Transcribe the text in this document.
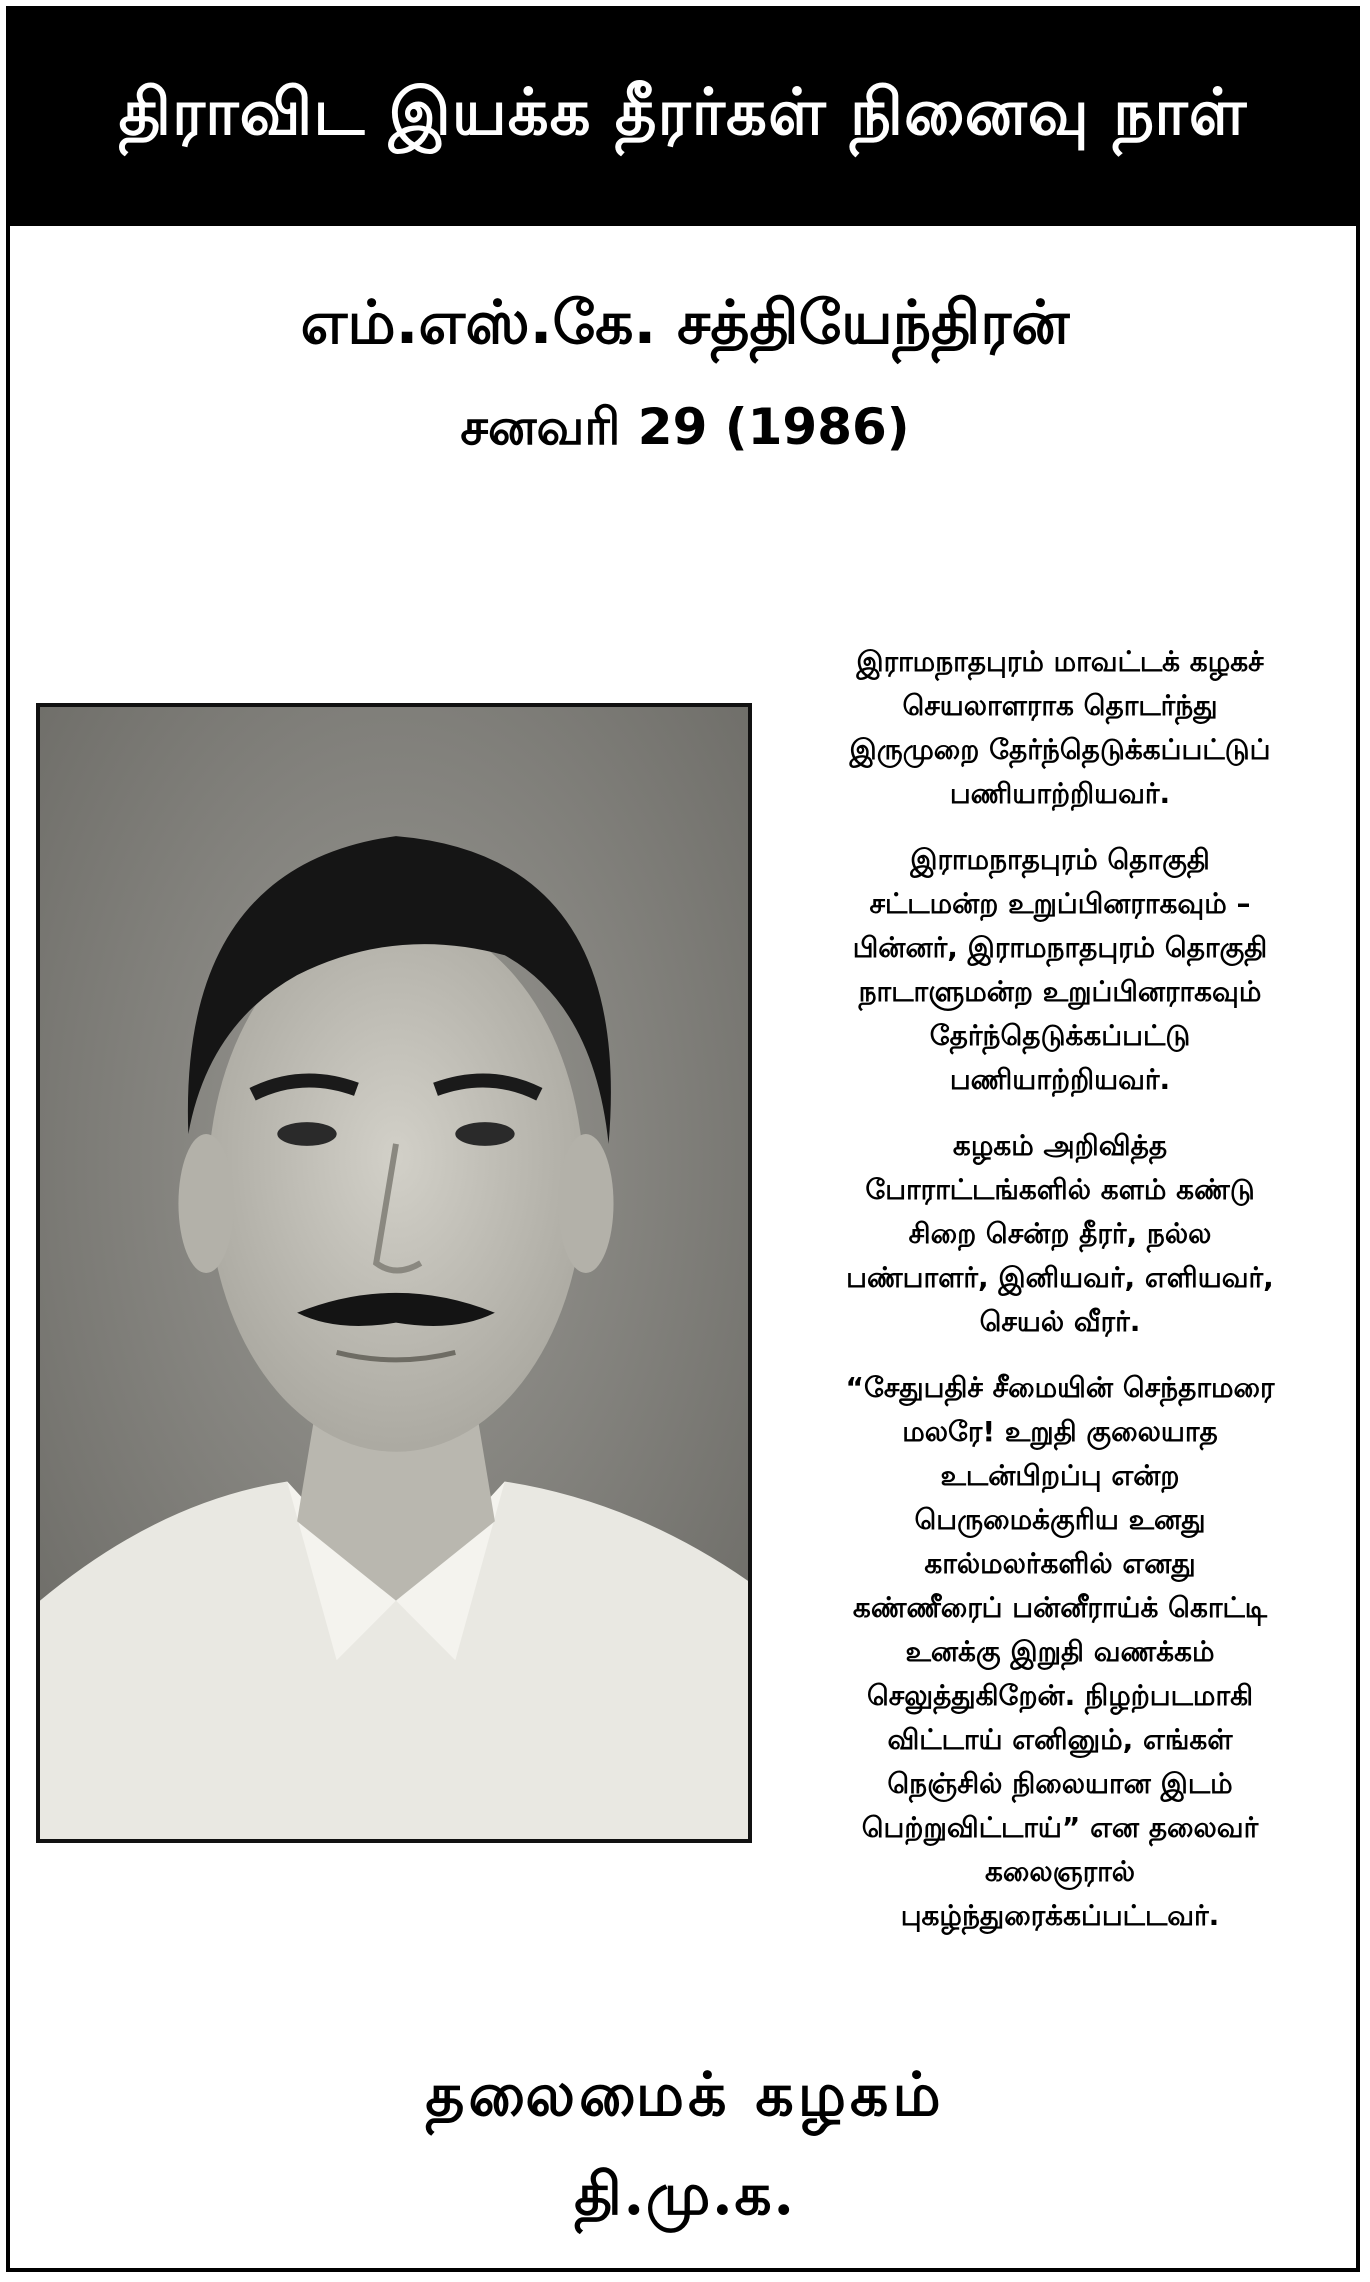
திராவிட இயக்க தீரர்கள் நினைவு நாள்
எம்.எஸ்.கே. சத்தியேந்திரன்
சனவரி 29 (1986)

இராமநாதபுரம் மாவட்டக் கழகச்
செயலாளராக தொடர்ந்து
இருமுறை தேர்ந்தெடுக்கப்பட்டுப்
பணியாற்றியவர்.

இராமநாதபுரம் தொகுதி
சட்டமன்ற உறுப்பினராகவும் –
பின்னர், இராமநாதபுரம் தொகுதி
நாடாளுமன்ற உறுப்பினராகவும்
தேர்ந்தெடுக்கப்பட்டு
பணியாற்றியவர்.

கழகம் அறிவித்த
போராட்டங்களில் களம் கண்டு
சிறை சென்ற தீரர், நல்ல
பண்பாளர், இனியவர், எளியவர்,
செயல் வீரர்.

“சேதுபதிச் சீமையின் செந்தாமரை
மலரே! உறுதி குலையாத
உடன்பிறப்பு என்ற
பெருமைக்குரிய உனது
கால்மலர்களில் எனது
கண்ணீரைப் பன்னீராய்க் கொட்டி
உனக்கு இறுதி வணக்கம்
செலுத்துகிறேன். நிழற்படமாகி
விட்டாய் எனினும், எங்கள்
நெஞ்சில் நிலையான இடம்
பெற்றுவிட்டாய்” என தலைவர்
கலைஞரால்
புகழ்ந்துரைக்கப்பட்டவர்.

தலைமைக் கழகம்
தி.மு.க.
